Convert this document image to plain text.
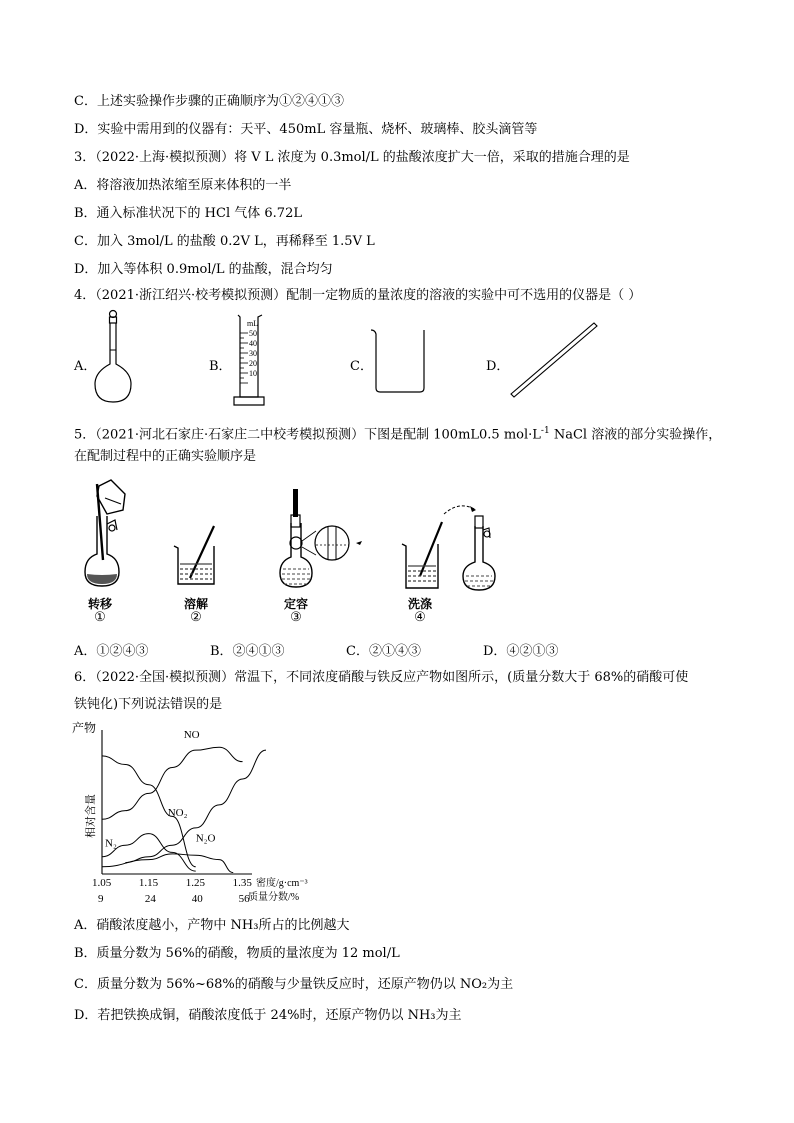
C．上述实验操作步骤的正确顺序为①②④①③
D．实验中需用到的仪器有：天平、450mL 容量瓶、烧杯、玻璃棒、胶头滴管等
3．（2022·上海·模拟预测）将 V L 浓度为 0.3mol/L 的盐酸浓度扩大一倍，采取的措施合理的是
A．将溶液加热浓缩至原来体积的一半
B．通入标准状况下的 HCl 气体 6.72L
C．加入 3mol/L 的盐酸 0.2V L，再稀释至 1.5V L
D．加入等体积 0.9mol/L 的盐酸，混合均匀
4．（2021·浙江绍兴·校考模拟预测）配制一定物质的量浓度的溶液的实验中可不选用的仪器是（ ）
A．	B．
mL
50
40
30
20
10	C．	D．
5．（2021·河北石家庄·石家庄二中校考模拟预测）下图是配制 100mL0.5 $mol\cdot L^{-1}$ NaCl 溶液的部分实验操作，
在配制过程中的正确实验顺序是
转移
①
溶解
②
定容
③
洗涤
④
A．①②④③	B．②④①③	C．②①④③	D．④②①③
6．（2022·全国·模拟预测）常温下，不同浓度硝酸与铁反应产物如图所示，(质量分数大于 68%的硝酸可使
铁钝化)下列说法错误的是
产物
相对含量
NO
NO₂
N₂	N₂O
1.05	1.15	1.25	1.35
9	24	40	56
密度/g·cm⁻³
质量分数/%
A．硝酸浓度越小，产物中 NH₃所占的比例越大
B．质量分数为 56%的硝酸，物质的量浓度为 12 mol/L
C．质量分数为 56%~68%的硝酸与少量铁反应时，还原产物仍以 NO₂为主
D．若把铁换成铜，硝酸浓度低于 24%时，还原产物仍以 NH₃为主
